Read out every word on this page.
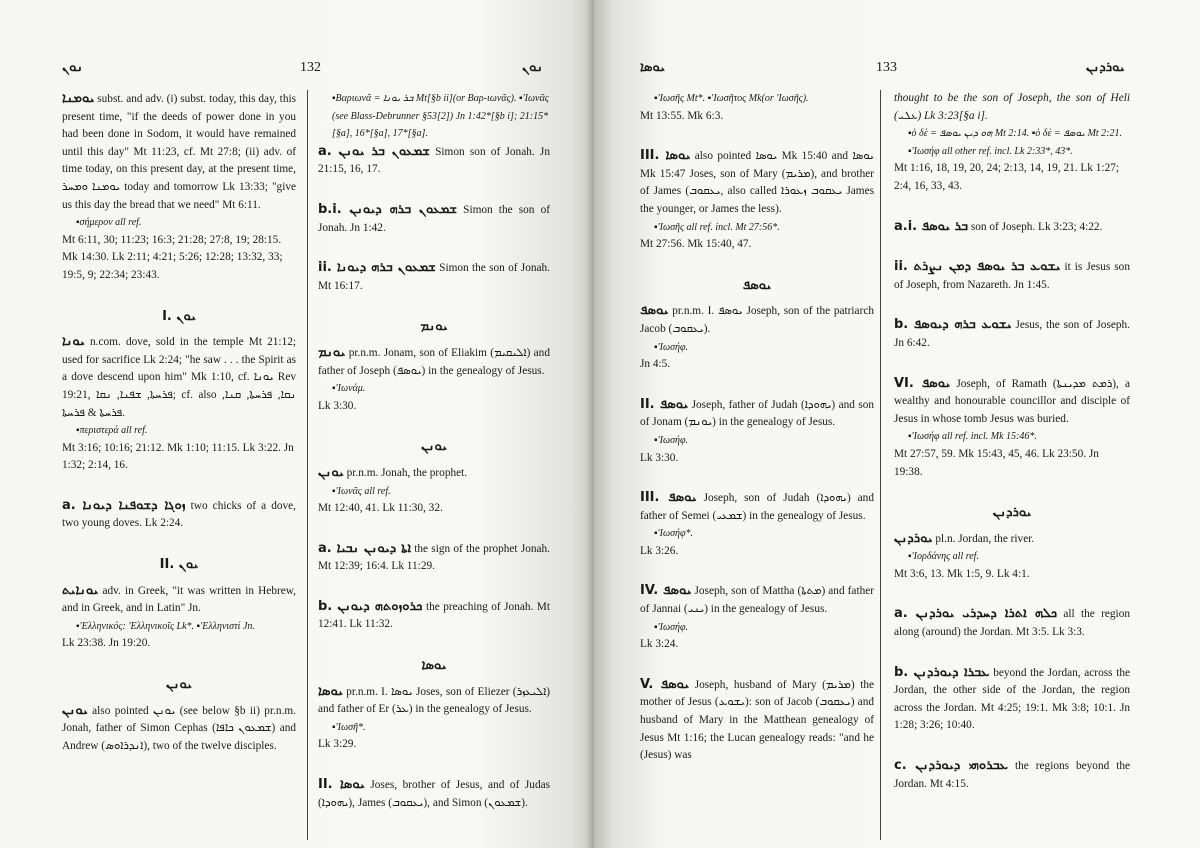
ܢܘܢ	132	ܢܘܢ
ܝܘܡܢܐ subst. and adv. (i) subst. today, this day, this present time, "if the deeds of power done in you had been done in Sodom, it would have remained until this day" Mt 11:23, cf. Mt 27:8; (ii) adv. of time today, on this present day, at the present time, ܝܘܡܢܐ ܘܡܚܪ today and tomorrow Lk 13:33; "give us this day the bread that we need" Mt 6:11.
▪σήμερον all ref.
Mt 6:11, 30; 11:23; 16:3; 21:28; 27:8, 19; 28:15. Mk 14:30. Lk 2:11; 4:21; 5:26; 12:28; 13:32, 33; 19:5, 9; 22:34; 23:43.
I. ܝܘܢ
ܝܘܢܐ n.com. dove, sold in the temple Mt 21:12; used for sacrifice Lk 2:24; "he saw . . . the Spirit as a dove descend upon him" Mk 1:10, cf. ܝܘܢܐ Rev 19:21, ܦܪܚܬܐ, ܫܦܢܐ, ܢܩܐ; cf. also ܢܩܐ, ܦܪܚܬܐ, ܩܢܐ, ܦܪܚܬܐ & ܦܪܚܬܐ.
▪περιστερά all ref.
Mt 3:16; 10:16; 21:12. Mk 1:10; 11:15. Lk 3:22. Jn 1:32; 2:14, 16.
a. ܙܘܓܐ ܕܫܘܦܢܐ ܕܝܘܢܐ two chicks of a dove, two young doves. Lk 2:24.
II. ܝܘܢ
ܝܘܢܐܝܬ adv. in Greek, "it was written in Hebrew, and in Greek, and in Latin" Jn.
▪'Ελληνικός: 'Ελληνικοῖς Lk*. ▪'Ελληνιστί Jn.
Lk 23:38. Jn 19:20.
ܝܘܢܢ
ܝܘܢܢ also pointed ܝܘܢܢ (see below §b ii) pr.n.m. Jonah, father of Simon Cephas (ܫܡܥܘܢ ܟܐܦܐ) and Andrew (ܐܢܕܪܐܘܣ), two of the twelve disciples.
▪Βαριωνᾶ = ܒܪ ܝܘܢܐ Mt[§b ii](or Βαρ-ιωνᾶς). ▪'Ιωνᾶς (see Blass-Debrunner §53[2]) Jn 1:42*[§b i]; 21:15*[§a], 16*[§a], 17*[§a].
a. ܫܡܥܘܢ ܒܪ ܝܘܢܢ Simon son of Jonah. Jn 21:15, 16, 17.
b.i. ܫܡܥܘܢ ܒܪܗ ܕܝܘܢܢ Simon the son of Jonah. Jn 1:42.
ii. ܫܡܥܘܢ ܒܪܗ ܕܝܘܢܐ Simon the son of Jonah. Mt 16:17.
ܝܘܢܡ
ܝܘܢܡ pr.n.m. Jonam, son of Eliakim (ܐܠܝܩܝܡ) and father of Joseph (ܝܘܣܦ) in the genealogy of Jesus.
▪'Ιωνάμ.
Lk 3:30.
ܝܘܢܢ
ܝܘܢܢ pr.n.m. Jonah, the prophet.
▪'Ιωνᾶς all ref.
Mt 12:40, 41. Lk 11:30, 32.
a. ܐܬܐ ܕܝܘܢܢ ܢܒܝܐ the sign of the prophet Jonah. Mt 12:39; 16:4. Lk 11:29.
b. ܟܪܘܙܘܬܗ ܕܝܘܢܢ the preaching of Jonah. Mt 12:41. Lk 11:32.
ܝܘܣܐ
ܝܘܣܐ pr.n.m. I. ܝܘܣܐ Joses, son of Eliezer (ܐܠܝܥܙܪ) and father of Er (ܥܪ) in the genealogy of Jesus.
▪'Ιωσῆ*.
Lk 3:29.
II. ܝܘܣܐ Joses, brother of Jesus, and of Judas (ܝܗܘܕܐ), James (ܝܥܩܘܒ), and Simon (ܫܡܥܘܢ).
ܝܘܣܐ	133	ܝܘܪܕܢܢ
▪'Ιωσῆς Mt*. ▪'Ιωσῆτος Mk(or 'Ιωσῆς).
Mt 13:55. Mk 6:3.
III. ܝܘܣܐ also pointed ܝܘܣܐ Mk 15:40 and ܝܘܣܐ Mk 15:47 Joses, son of Mary (ܡܪܝܡ), and brother of James (ܝܥܩܘܒ, also called ܝܥܩܘܒ ܙܥܘܪܐ James the younger, or James the less).
▪'Ιωσῆς all ref. incl. Mt 27:56*.
Mt 27:56. Mk 15:40, 47.
ܝܘܣܦ
ܝܘܣܦ pr.n.m. I. ܝܘܣܦ Joseph, son of the patriarch Jacob (ܝܥܩܘܒ).
▪'Ιωσήφ.
Jn 4:5.
II. ܝܘܣܦ Joseph, father of Judah (ܝܗܘܕܐ) and son of Jonam (ܝܘܢܡ) in the genealogy of Jesus.
▪'Ιωσήφ.
Lk 3:30.
III. ܝܘܣܦ Joseph, son of Judah (ܝܗܘܕܐ) and father of Semei (ܫܡܥܝ) in the genealogy of Jesus.
▪'Ιωσήφ*.
Lk 3:26.
IV. ܝܘܣܦ Joseph, son of Mattha (ܡܬܬܐ) and father of Jannai (ܝܢܝ) in the genealogy of Jesus.
▪'Ιωσήφ.
Lk 3:24.
V. ܝܘܣܦ Joseph, husband of Mary (ܡܪܝܡ) the mother of Jesus (ܝܫܘܥ): son of Jacob (ܝܥܩܘܒ) and husband of Mary in the Matthean genealogy of Jesus Mt 1:16; the Lucan genealogy reads: "and he (Jesus) was
thought to be the son of Joseph, the son of Heli (ܥܠܝ) Lk 3:23[§a i].
▪ὁ δὲ = ܗܘ ܕܝܢ ܝܘܣܦ Mt 2:14. ▪ὁ δὲ = ܝܘܣܦ Mt 2:21. ▪'Ιωσήφ all other ref. incl. Lk 2:33*, 43*.
Mt 1:16, 18, 19, 20, 24; 2:13, 14, 19, 21. Lk 1:27; 2:4, 16, 33, 43.
a.i. ܒܪ ܝܘܣܦ son of Joseph. Lk 3:23; 4:22.
ii. ܝܫܘܥ ܒܪ ܝܘܣܦ ܕܡܢ ܢܨܪܬ it is Jesus son of Joseph, from Nazareth. Jn 1:45.
b. ܝܫܘܥ ܒܪܗ ܕܝܘܣܦ Jesus, the son of Joseph. Jn 6:42.
VI. ܝܘܣܦ Joseph, of Ramath (ܪܡܬ ܡܕܝܢܬܐ), a wealthy and honourable councillor and disciple of Jesus in whose tomb Jesus was buried.
▪'Ιωσήφ all ref. incl. Mk 15:46*.
Mt 27:57, 59. Mk 15:43, 45, 46. Lk 23:50. Jn 19:38.
ܝܘܪܕܢܢ
ܝܘܪܕܢܢ pl.n. Jordan, the river.
▪'Ιορδάνης all ref.
Mt 3:6, 13. Mk 1:5, 9. Lk 4:1.
a. ܟܠܗ ܐܬܪܐ ܕܚܕܪܝ ܝܘܪܕܢܢ all the region along (around) the Jordan. Mt 3:5. Lk 3:3.
b. ܥܒܪܐ ܕܝܘܪܕܢܢ beyond the Jordan, across the Jordan, the other side of the Jordan, the region across the Jordan. Mt 4:25; 19:1. Mk 3:8; 10:1. Jn 1:28; 3:26; 10:40.
c. ܥܒܪܘܗܝ ܕܝܘܪܕܢܢ the regions beyond the Jordan. Mt 4:15.
